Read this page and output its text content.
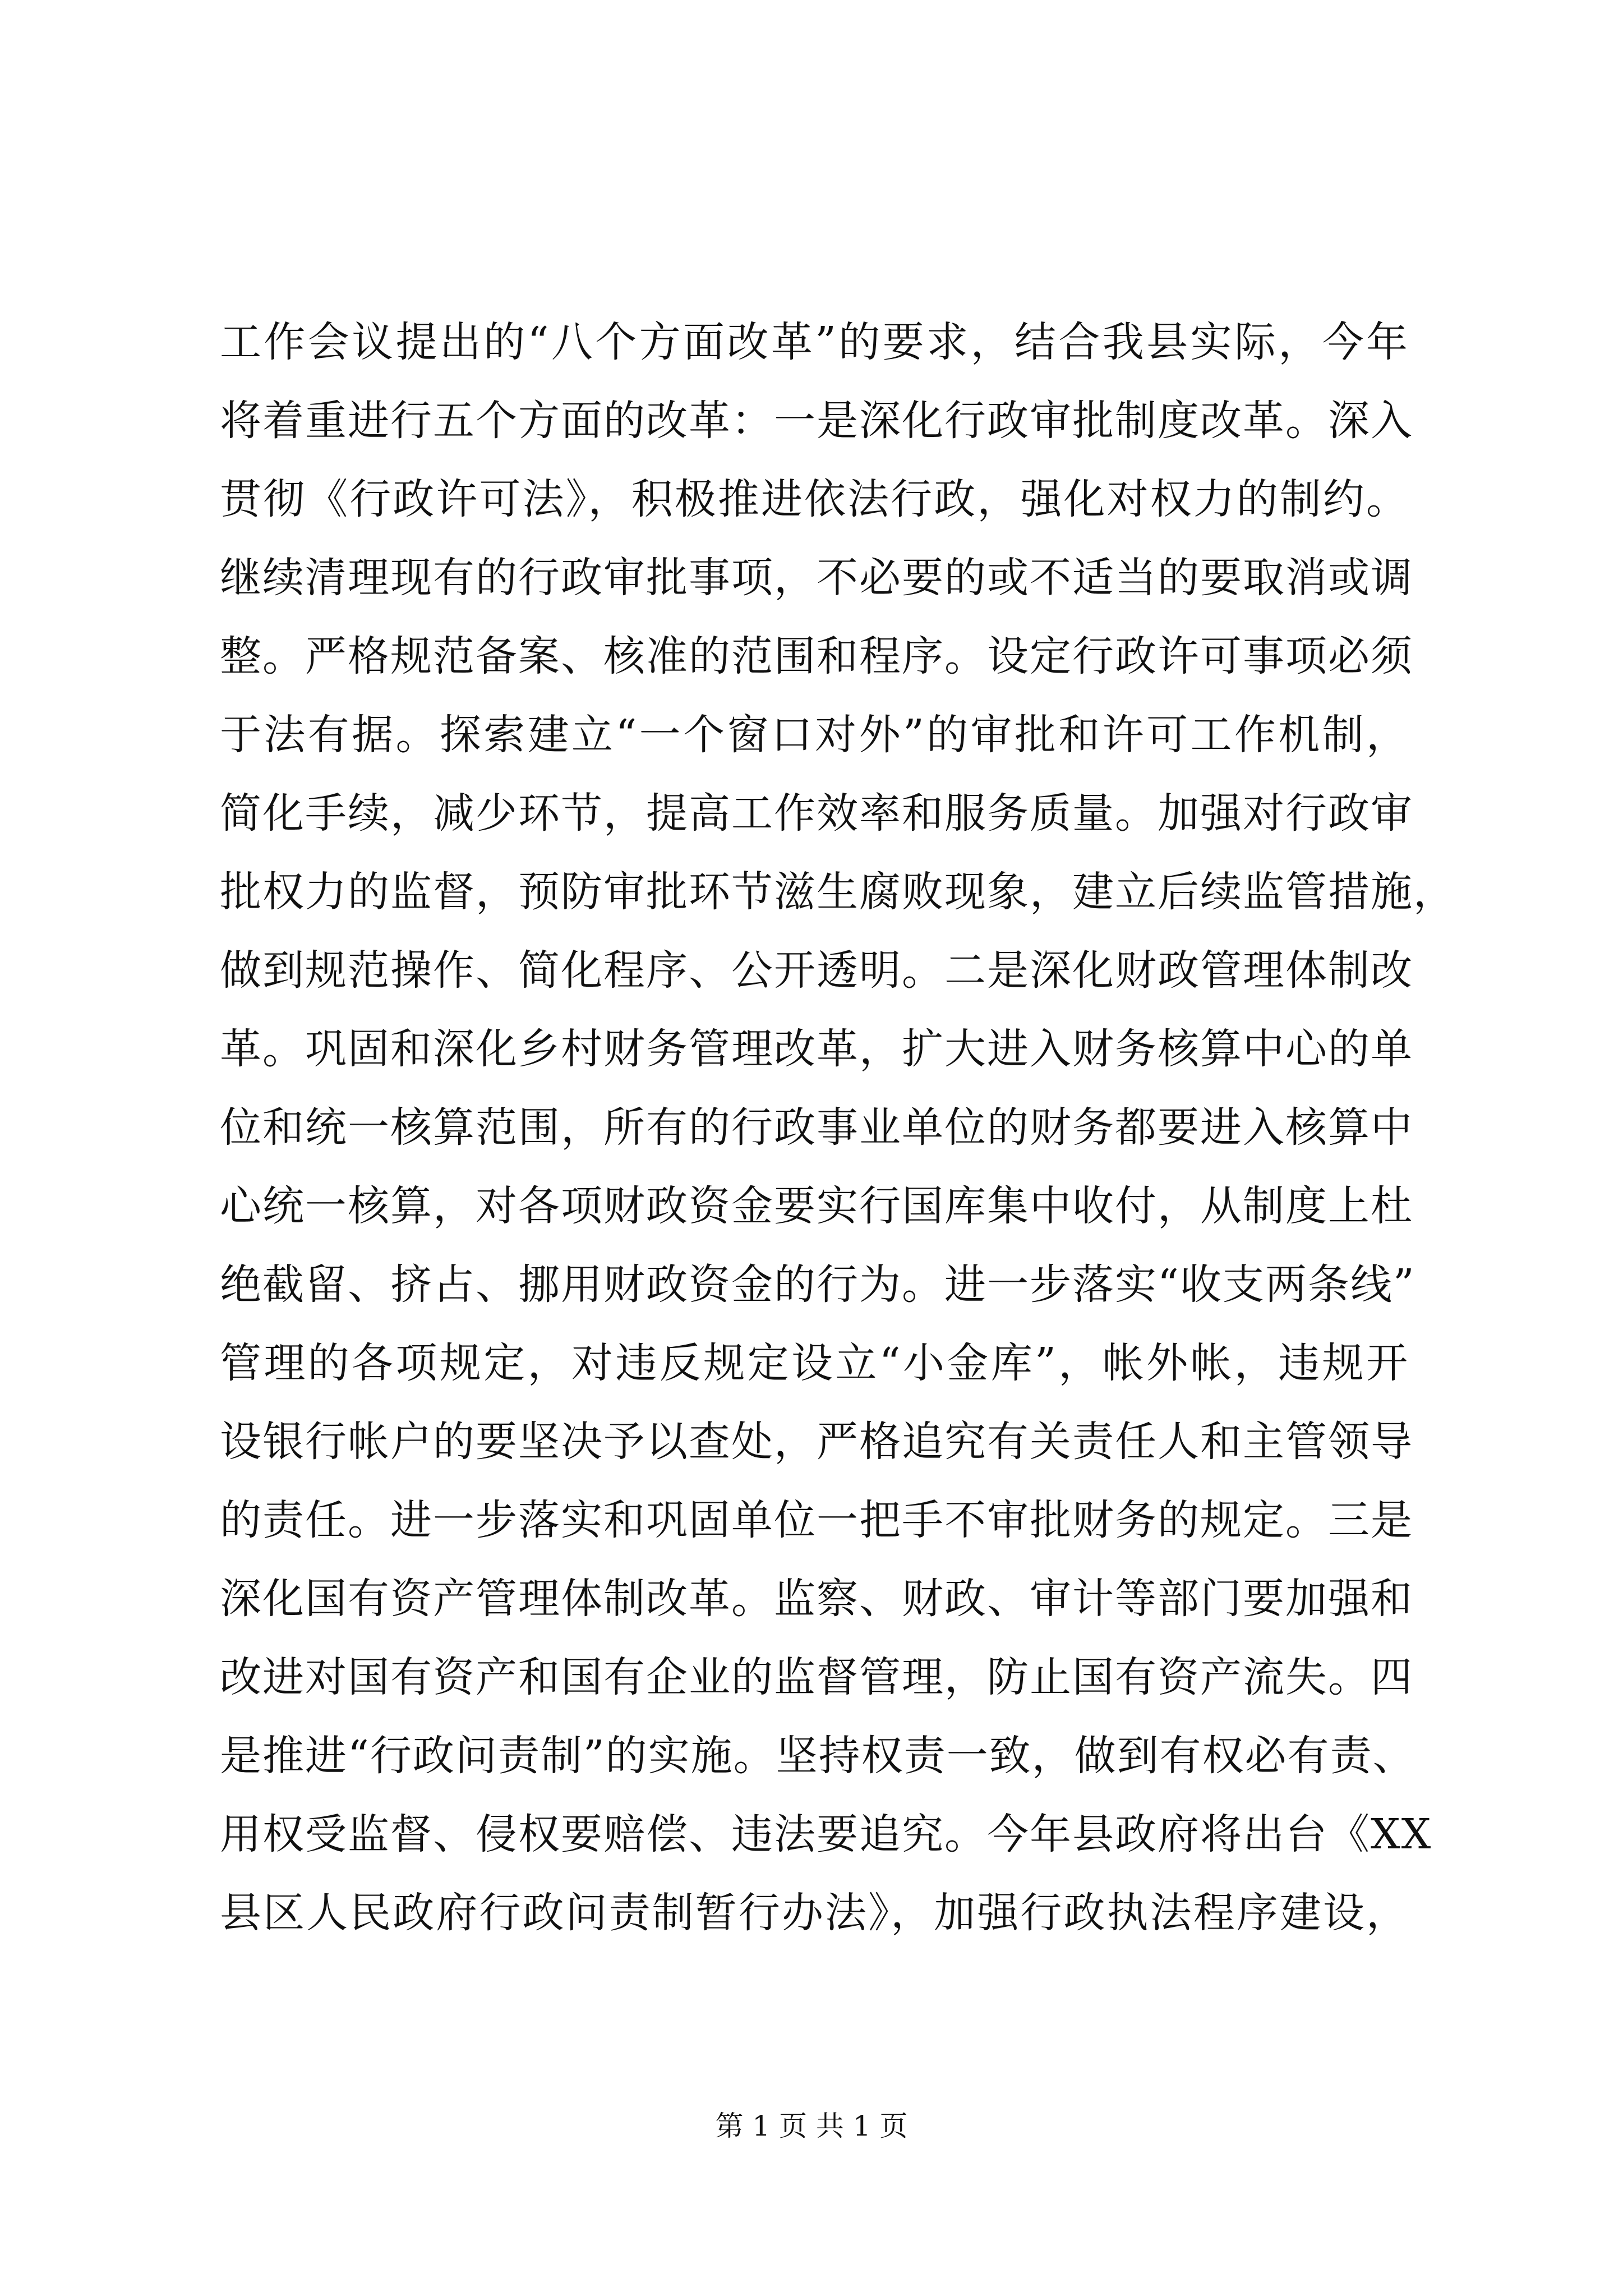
工作会议提出的“八个方面改革”的要求，结合我县实际，今年
将着重进行五个方面的改革：一是深化行政审批制度改革。深入
贯彻《行政许可法》，积极推进依法行政，强化对权力的制约。
继续清理现有的行政审批事项，不必要的或不适当的要取消或调
整。严格规范备案、核准的范围和程序。设定行政许可事项必须
于法有据。探索建立“一个窗口对外”的审批和许可工作机制，
简化手续，减少环节，提高工作效率和服务质量。加强对行政审
批权力的监督，预防审批环节滋生腐败现象，建立后续监管措施，
做到规范操作、简化程序、公开透明。二是深化财政管理体制改
革。巩固和深化乡村财务管理改革，扩大进入财务核算中心的单
位和统一核算范围，所有的行政事业单位的财务都要进入核算中
心统一核算，对各项财政资金要实行国库集中收付，从制度上杜
绝截留、挤占、挪用财政资金的行为。进一步落实“收支两条线”
管理的各项规定，对违反规定设立“小金库”，帐外帐，违规开
设银行帐户的要坚决予以查处，严格追究有关责任人和主管领导
的责任。进一步落实和巩固单位一把手不审批财务的规定。三是
深化国有资产管理体制改革。监察、财政、审计等部门要加强和
改进对国有资产和国有企业的监督管理，防止国有资产流失。四
是推进“行政问责制”的实施。坚持权责一致，做到有权必有责、
用权受监督、侵权要赔偿、违法要追究。今年县政府将出台《XX
县区人民政府行政问责制暂行办法》，加强行政执法程序建设，
第 1 页 共 1 页
